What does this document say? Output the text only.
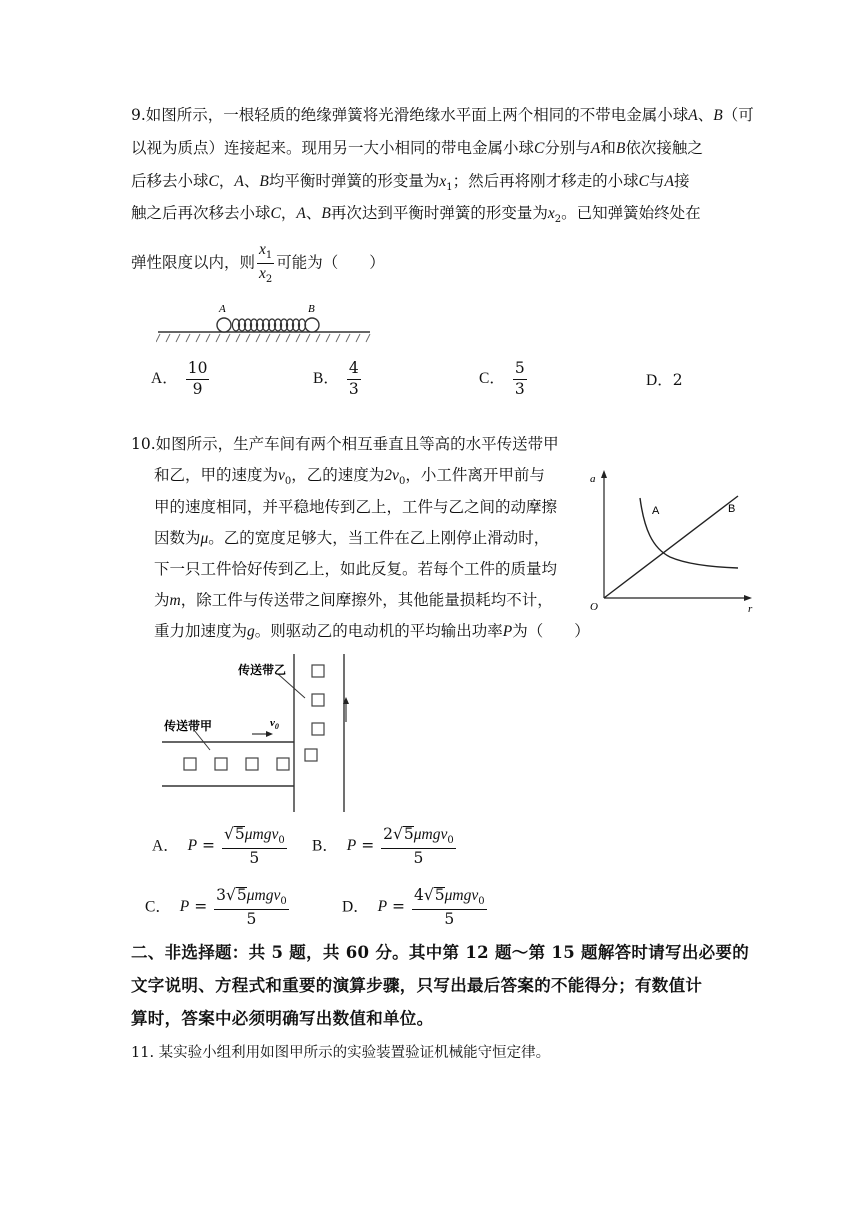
9.如图所示，一根轻质的绝缘弹簧将光滑绝缘水平面上两个相同的不带电金属小球A、B（可
以视为质点）连接起来。现用另一大小相同的带电金属小球C分别与A和B依次接触之
后移去小球C，A、B均平衡时弹簧的形变量为$x_1$；然后再将刚才移走的小球C与A接
触之后再次移去小球C，A、B再次达到平衡时弹簧的形变量为$x_2$。已知弹簧始终处在
弹性限度以内，则 $\frac{x_1}{x_2}$ 可能为（　　）
A	B
A． $\frac{10}{9}$	B． $\frac{4}{3}$	C． $\frac{5}{3}$	D．2
10.如图所示，生产车间有两个相互垂直且等高的水平传送带甲
和乙，甲的速度为$v_0$，乙的速度为$2v_0$，小工件离开甲前与
甲的速度相同，并平稳地传到乙上，工件与乙之间的动摩擦
因数为μ。乙的宽度足够大，当工件在乙上刚停止滑动时，
下一只工件恰好传到乙上，如此反复。若每个工件的质量均
为m，除工件与传送带之间摩擦外，其他能量损耗均不计，
重力加速度为g。则驱动乙的电动机的平均输出功率P为（　　）
a
r
O
A	B
传送带乙
传送带甲	$v_0$
A． $P = \frac{√5\mu mgv_0}{5}$ B． $P = \frac{2√5\mu mgv_0}{5}$
C． $P = \frac{3√5\mu mgv_0}{5}$	D． $P = \frac{4√5\mu mgv_0}{5}$
二、非选择题：共 5 题，共 60 分。其中第 12 题～第 15 题解答时请写出必要的
文字说明、方程式和重要的演算步骤，只写出最后答案的不能得分；有数值计
算时，答案中必须明确写出数值和单位。
11. 某实验小组利用如图甲所示的实验装置验证机械能守恒定律。
